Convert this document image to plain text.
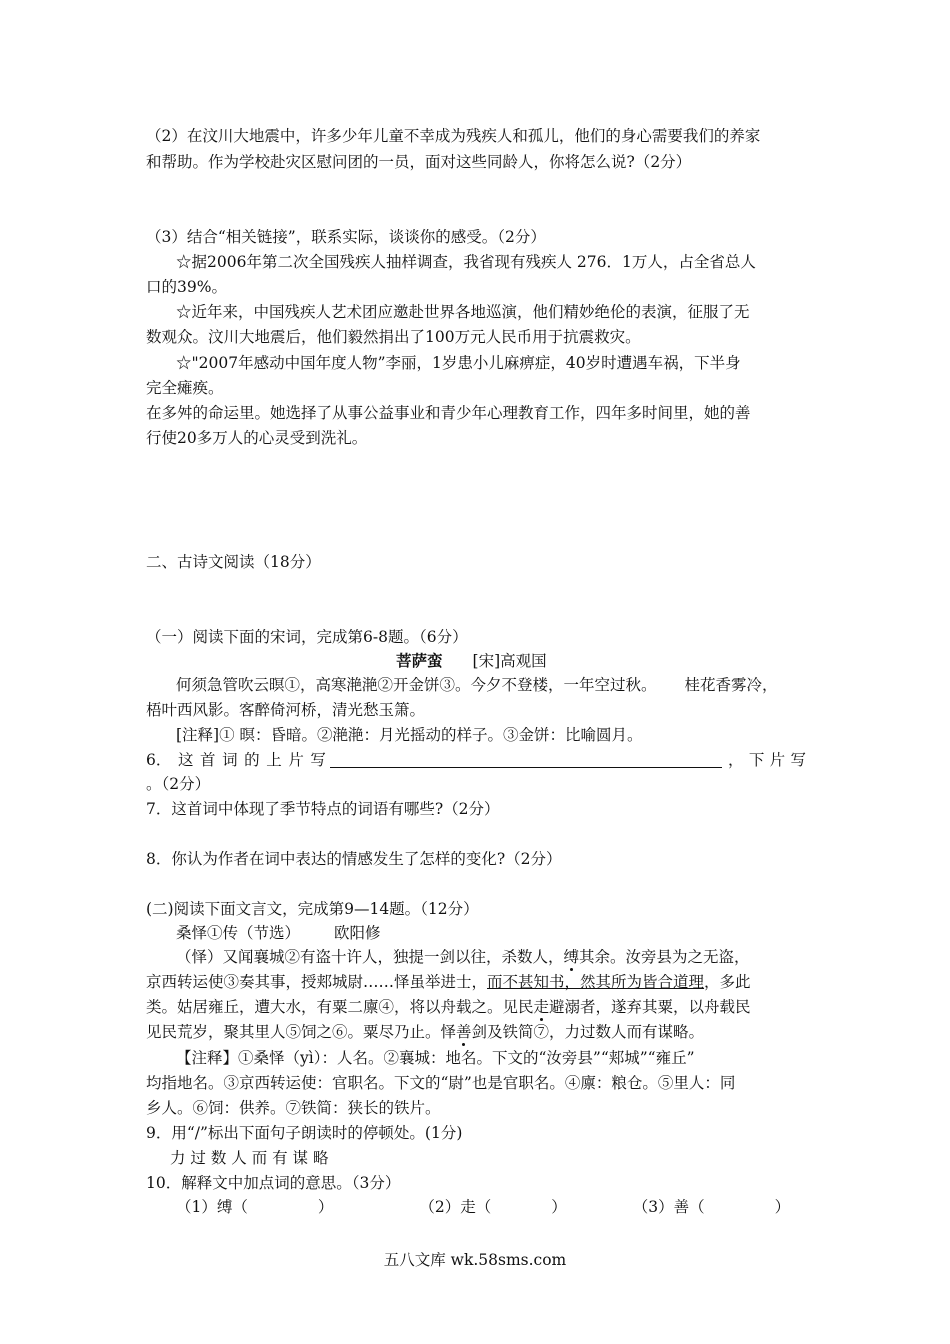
（2）在汶川大地震中，许多少年儿童不幸成为残疾人和孤儿，他们的身心需要我们的养家
和帮助。作为学校赴灾区慰问团的一员，面对这些同龄人，你将怎么说?（2分）
（3）结合“相关链接”，联系实际，谈谈你的感受。（2分）
☆据2006年第二次全国残疾人抽样调查，我省现有残疾人 276．1万人，占全省总人
口的39%。
☆近年来，中国残疾人艺术团应邀赴世界各地巡演，他们精妙绝伦的表演，征服了无
数观众。汶川大地震后，他们毅然捐出了100万元人民币用于抗震救灾。
☆"2007年感动中国年度人物”李丽，1岁患小儿麻痹症，40岁时遭遇车祸，下半身
完全瘫痪。
在多舛的命运里。她选择了从事公益事业和青少年心理教育工作，四年多时间里，她的善
行使20多万人的心灵受到洗礼。
二、古诗文阅读（18分）
（一）阅读下面的宋词，完成第6-8题。（6分）
菩萨蛮 [宋]高观国
何须急管吹云暝①，高寒滟滟②开金饼③。今夕不登楼，一年空过秋。 桂花香雾冷，
梧叶西风影。客醉倚河桥，清光愁玉箫。
[注释]① 暝：昏暗。②滟滟：月光摇动的样子。③金饼：比喻圆月。
6． 这 首 词 的 上 片 写	， 下 片 写
。（2分）
7．这首词中体现了季节特点的词语有哪些?（2分）
8．你认为作者在词中表达的情感发生了怎样的变化?（2分）
(二)阅读下面文言文，完成第9—14题。（12分）
桑怿①传（节选） 欧阳修
（怿）又闻襄城②有盗十许人，独提一剑以往，杀数人，缚其余。汝旁县为之无盗，
京西转运使③奏其事，授郏城尉……怿虽举进士，而不甚知书，然其所为皆合道理，多此
类。姑居雍丘，遭大水，有粟二廪④，将以舟载之。见民走避溺者，遂弃其粟，以舟载民
见民荒岁，聚其里人⑤饲之⑥。粟尽乃止。怿善剑及铁简⑦，力过数人而有谋略。
【注释】①桑怿（yì）：人名。②襄城：地名。下文的“汝旁县”“郏城”“雍丘”
均指地名。③京西转运使：官职名。下文的“尉”也是官职名。④廪：粮仓。⑤里人：同
乡人。⑥饲：供养。⑦铁简：狭长的铁片。
9．用“/”标出下面句子朗读时的停顿处。(1分)
力 过 数 人 而 有 谋 略
10．解释文中加点词的意思。（3分）
（1）缚（	）	（2）走（	）	（3）善（	）
五八文库 wk.58sms.com
